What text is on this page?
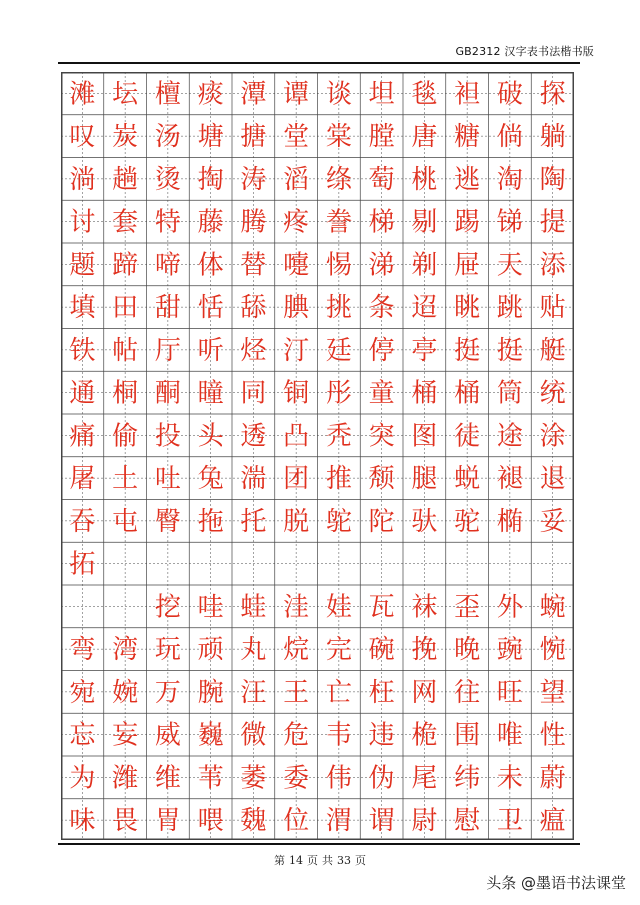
GB2312 汉字表书法楷书版
探
躺
陶
提
添
贴
艇
统
涂
退
妥
破
倘
淘
锑
天
跳
挺
筒
途
褪
椭
袒
糖
逃
踢
屉
眺
挺
桶
徒
蜕
驼
毯
唐
桃
剔
剃
迢
亭
桶
图
腿
驮
坦
膛
萄
梯
涕
条
停
童
突
颓
陀
谈
棠
绦
誊
惕
挑
廷
彤
秃
推
鸵
谭
堂
滔
疼
嚏
腆
汀
铜
凸
团
脱
潭
搪
涛
腾
替
舔
烃
同
透
湍
托
痰
塘
掏
藤
体
恬
听
瞳
头
兔
拖
檀
汤
烫
特
啼
甜
厅
酮
投
吐
臀
坛
炭
趟
套
蹄
田
帖
桐
偷
土
屯
滩
叹
淌
讨
题
填
铁
通
痛
屠
吞
拓
蜿
惋
望
性
蔚
瘟
外
豌
旺
唯
未
卫
歪
晚
往
围
纬
慰
袜
挽
网
桅
尾
尉
瓦
碗
枉
违
伪
谓
娃
完
亡
韦
伟
渭
洼
烷
王
危
委
位
蛙
丸
汪
微
萎
魏
哇
顽
腕
巍
苇
喂
挖
玩
万
威
维
胃
湾
婉
妄
潍
畏
弯
宛
忘
为
味
第 14 页 共 33 页
头条 @墨语书法课堂
